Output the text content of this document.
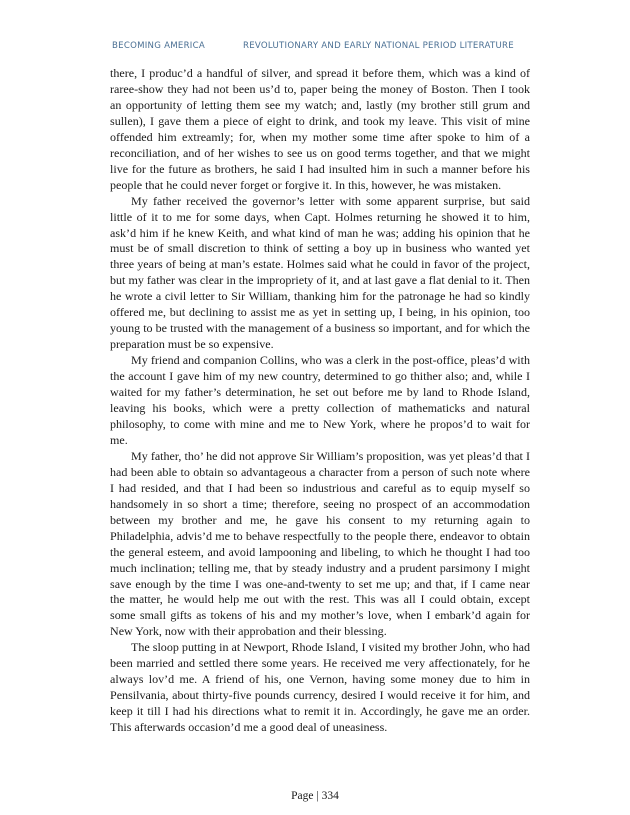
BECOMING AMERICA	REVOLUTIONARY AND EARLY NATIONAL PERIOD LITERATURE

there, I produc’d a handful of silver, and spread it before them, which was a kind of raree-show they had not been us’d to, paper being the money of Boston. Then I took an opportunity of letting them see my watch; and, lastly (my brother still grum and sullen), I gave them a piece of eight to drink, and took my leave. This visit of mine offended him extreamly; for, when my mother some time after spoke to him of a reconciliation, and of her wishes to see us on good terms together, and that we might live for the future as brothers, he said I had insulted him in such a manner before his people that he could never forget or forgive it. In this, however, he was mistaken.

My father received the governor’s letter with some apparent surprise, but said little of it to me for some days, when Capt. Holmes returning he showed it to him, ask’d him if he knew Keith, and what kind of man he was; adding his opinion that he must be of small discretion to think of setting a boy up in business who wanted yet three years of being at man’s estate. Holmes said what he could in favor of the project, but my father was clear in the impropriety of it, and at last gave a flat denial to it. Then he wrote a civil letter to Sir William, thanking him for the patronage he had so kindly offered me, but declining to assist me as yet in setting up, I being, in his opinion, too young to be trusted with the management of a business so important, and for which the preparation must be so expensive.

My friend and companion Collins, who was a clerk in the post-office, pleas’d with the account I gave him of my new country, determined to go thither also; and, while I waited for my father’s determination, he set out before me by land to Rhode Island, leaving his books, which were a pretty collection of mathematicks and natural philosophy, to come with mine and me to New York, where he propos’d to wait for me.

My father, tho’ he did not approve Sir William’s proposition, was yet pleas’d that I had been able to obtain so advantageous a character from a person of such note where I had resided, and that I had been so industrious and careful as to equip myself so handsomely in so short a time; therefore, seeing no prospect of an accommodation between my brother and me, he gave his consent to my returning again to Philadelphia, advis’d me to behave respectfully to the people there, endeavor to obtain the general esteem, and avoid lampooning and libeling, to which he thought I had too much inclination; telling me, that by steady industry and a prudent parsimony I might save enough by the time I was one-and-twenty to set me up; and that, if I came near the matter, he would help me out with the rest. This was all I could obtain, except some small gifts as tokens of his and my mother’s love, when I embark’d again for New York, now with their approbation and their blessing.

The sloop putting in at Newport, Rhode Island, I visited my brother John, who had been married and settled there some years. He received me very affectionately, for he always lov’d me. A friend of his, one Vernon, having some money due to him in Pensilvania, about thirty-five pounds currency, desired I would receive it for him, and keep it till I had his directions what to remit it in. Accordingly, he gave me an order. This afterwards occasion’d me a good deal of uneasiness.

Page | 334
